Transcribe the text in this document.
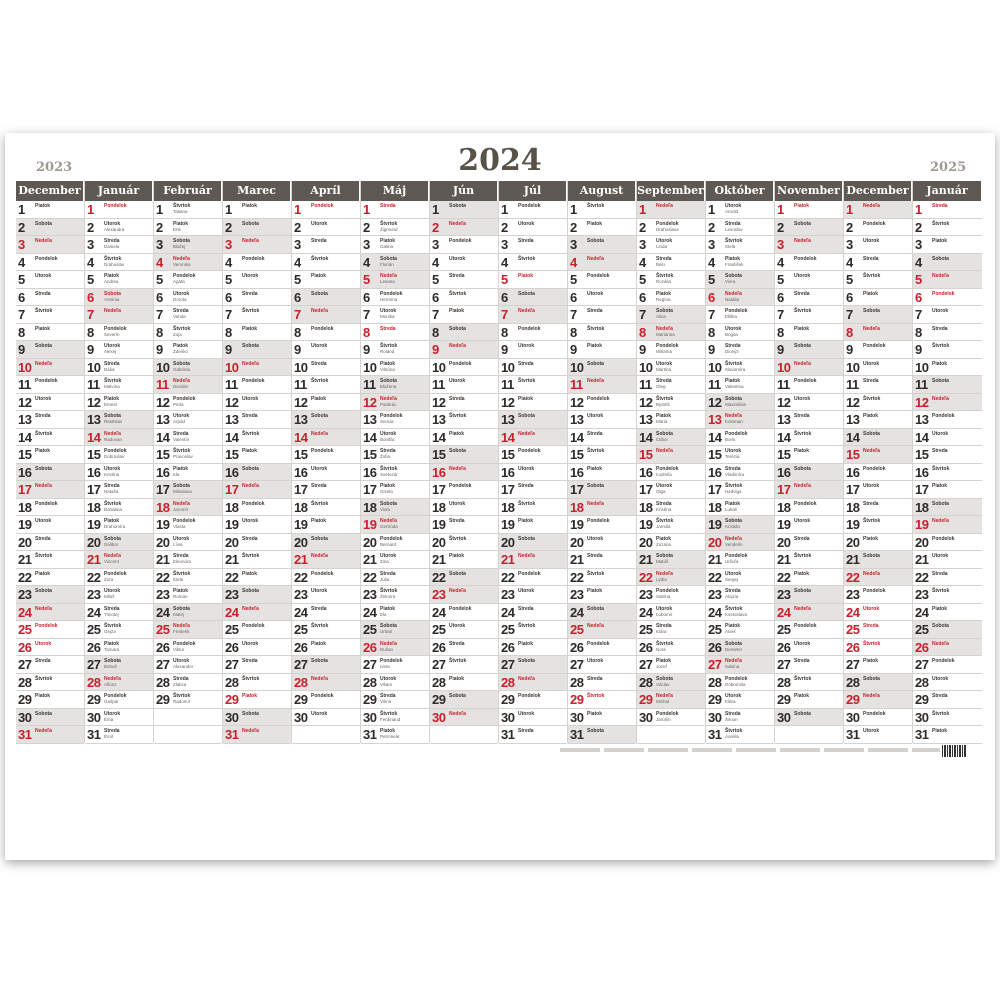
2024
2023	2025
December
1 Piatok
2 Sobota
3 Nedeľa
4 Pondelok
5 Utorok
6 Streda
7 Štvrtok
8 Piatok
9 Sobota
10 Nedeľa
11 Pondelok
12 Utorok
13 Streda
14 Štvrtok
15 Piatok
16 Sobota
17 Nedeľa
18 Pondelok
19 Utorok
20 Streda
21 Štvrtok
22 Piatok
23 Sobota
24 Nedeľa
25 Pondelok
26 Utorok
27 Streda
28 Štvrtok
29 Piatok
30 Sobota
31 Nedeľa
Január
1 Pondelok
2 Utorok
Alexandra
3 Streda
Daniela
4 Štvrtok
Drahoslav
5 Piatok
Andrea
6 Sobota
Antónia
7 Nedeľa
8 Pondelok
Severín
9 Utorok
Alexej
10 Streda
Dáša
11 Štvrtok
Malvína
12 Piatok
Ernest
13 Sobota
Rastislav
14 Nedeľa
Radovan
15 Pondelok
Dobroslav
16 Utorok
Kristína
17 Streda
Nataša
18 Štvrtok
Bohdana
19 Piatok
Drahomíra
20 Sobota
Dalibor
21 Nedeľa
Vincent
22 Pondelok
Zora
23 Utorok
Miloš
24 Streda
Timotej
25 Štvrtok
Gejza
26 Piatok
Tamara
27 Sobota
Bohuš
28 Nedeľa
Alfonz
29 Pondelok
Gašpar
30 Utorok
Ema
31 Streda
Emil
Február
1 Štvrtok
Tatiana
2 Piatok
Erik
3 Sobota
Blažej
4 Nedeľa
Veronika
5 Pondelok
Agáta
6 Utorok
Dorota
7 Streda
Vanda
8 Štvrtok
Zoja
9 Piatok
Zdenko
10 Sobota
Gabriela
11 Nedeľa
Dezider
12 Pondelok
Perla
13 Utorok
Arpád
14 Streda
Valentín
15 Štvrtok
Pravoslav
16 Piatok
Ida
17 Sobota
Miloslava
18 Nedeľa
Jaromír
19 Pondelok
Vlasta
20 Utorok
Lívia
21 Streda
Eleonóra
22 Štvrtok
Etela
23 Piatok
Roman
24 Sobota
Matej
25 Nedeľa
Frederik
26 Pondelok
Viktor
27 Utorok
Alexander
28 Streda
Zlatica
29 Štvrtok
Radomír
Marec
1 Piatok
2 Sobota
3 Nedeľa
4 Pondelok
5 Utorok
6 Streda
7 Štvrtok
8 Piatok
9 Sobota
10 Nedeľa
11 Pondelok
12 Utorok
13 Streda
14 Štvrtok
15 Piatok
16 Sobota
17 Nedeľa
18 Pondelok
19 Utorok
20 Streda
21 Štvrtok
22 Piatok
23 Sobota
24 Nedeľa
25 Pondelok
26 Utorok
27 Streda
28 Štvrtok
29 Piatok
30 Sobota
31 Nedeľa
Apríl
1 Pondelok
2 Utorok
3 Streda
4 Štvrtok
5 Piatok
6 Sobota
7 Nedeľa
8 Pondelok
9 Utorok
10 Streda
11 Štvrtok
12 Piatok
13 Sobota
14 Nedeľa
15 Pondelok
16 Utorok
17 Streda
18 Štvrtok
19 Piatok
20 Sobota
21 Nedeľa
22 Pondelok
23 Utorok
24 Streda
25 Štvrtok
26 Piatok
27 Sobota
28 Nedeľa
29 Pondelok
30 Utorok
Máj
1 Streda
2 Štvrtok
Žigmund
3 Piatok
Galina
4 Sobota
Florián
5 Nedeľa
Lesana
6 Pondelok
Hermína
7 Utorok
Monika
8 Streda
9 Štvrtok
Roland
10 Piatok
Viktória
11 Sobota
Blažena
12 Nedeľa
Pankrác
13 Pondelok
Servác
14 Utorok
Bonifác
15 Streda
Žofia
16 Štvrtok
Svetozár
17 Piatok
Gizela
18 Sobota
Viola
19 Nedeľa
Gertrúda
20 Pondelok
Bernard
21 Utorok
Zina
22 Streda
Júlia
23 Štvrtok
Želmíra
24 Piatok
Ela
25 Sobota
Urban
26 Nedeľa
Dušan
27 Pondelok
Iveta
28 Utorok
Viliam
29 Streda
Vilma
30 Štvrtok
Ferdinand
31 Piatok
Petronela
Jún
1 Sobota
2 Nedeľa
3 Pondelok
4 Utorok
5 Streda
6 Štvrtok
7 Piatok
8 Sobota
9 Nedeľa
10 Pondelok
11 Utorok
12 Streda
13 Štvrtok
14 Piatok
15 Sobota
16 Nedeľa
17 Pondelok
18 Utorok
19 Streda
20 Štvrtok
21 Piatok
22 Sobota
23 Nedeľa
24 Pondelok
25 Utorok
26 Streda
27 Štvrtok
28 Piatok
29 Sobota
30 Nedeľa
Júl
1 Pondelok
2 Utorok
3 Streda
4 Štvrtok
5 Piatok
6 Sobota
7 Nedeľa
8 Pondelok
9 Utorok
10 Streda
11 Štvrtok
12 Piatok
13 Sobota
14 Nedeľa
15 Pondelok
16 Utorok
17 Streda
18 Štvrtok
19 Piatok
20 Sobota
21 Nedeľa
22 Pondelok
23 Utorok
24 Streda
25 Štvrtok
26 Piatok
27 Sobota
28 Nedeľa
29 Pondelok
30 Utorok
31 Streda
August
1 Štvrtok
2 Piatok
3 Sobota
4 Nedeľa
5 Pondelok
6 Utorok
7 Streda
8 Štvrtok
9 Piatok
10 Sobota
11 Nedeľa
12 Pondelok
13 Utorok
14 Streda
15 Štvrtok
16 Piatok
17 Sobota
18 Nedeľa
19 Pondelok
20 Utorok
21 Streda
22 Štvrtok
23 Piatok
24 Sobota
25 Nedeľa
26 Pondelok
27 Utorok
28 Streda
29 Štvrtok
30 Piatok
31 Sobota
September
1 Nedeľa
2 Pondelok
Drahoslava
3 Utorok
Linda
4 Streda
Belo
5 Štvrtok
Rozália
6 Piatok
Regína
7 Sobota
Alica
8 Nedeľa
Marianna
9 Pondelok
Miriama
10 Utorok
Martina
11 Streda
Oleg
12 Štvrtok
Bystrík
13 Piatok
Mária
14 Sobota
Ctibor
15 Nedeľa
16 Pondelok
Ľudmila
17 Utorok
Olga
18 Streda
Kristína
19 Štvrtok
Jarmila
20 Piatok
Zuzana
21 Sobota
Matúš
22 Nedeľa
Lýdia
23 Pondelok
Sabína
24 Utorok
Ľubomír
25 Streda
Klára
26 Štvrtok
Nora
27 Piatok
Jozef
28 Sobota
Václav
29 Nedeľa
Michal
30 Pondelok
Jarolím
Október
1 Utorok
Arnold
2 Streda
Levoslav
3 Štvrtok
Stela
4 Piatok
František
5 Sobota
Viera
6 Nedeľa
Natália
7 Pondelok
Eliška
8 Utorok
Brigita
9 Streda
Dionýz
10 Štvrtok
Slavomíra
11 Piatok
Valentína
12 Sobota
Maximilián
13 Nedeľa
Koloman
14 Pondelok
Boris
15 Utorok
Terézia
16 Streda
Vladimíra
17 Štvrtok
Hedviga
18 Piatok
Lukáš
19 Sobota
Kristián
20 Nedeľa
Vendelín
21 Pondelok
Uršuľa
22 Utorok
Sergej
23 Streda
Alojzia
24 Štvrtok
Kvetoslava
25 Piatok
Aurel
26 Sobota
Demeter
27 Nedeľa
Sabína
28 Pondelok
Dobromila
29 Utorok
Klára
30 Streda
Šimon
31 Štvrtok
Aurélia
November
1 Piatok
2 Sobota
3 Nedeľa
4 Pondelok
5 Utorok
6 Streda
7 Štvrtok
8 Piatok
9 Sobota
10 Nedeľa
11 Pondelok
12 Utorok
13 Streda
14 Štvrtok
15 Piatok
16 Sobota
17 Nedeľa
18 Pondelok
19 Utorok
20 Streda
21 Štvrtok
22 Piatok
23 Sobota
24 Nedeľa
25 Pondelok
26 Utorok
27 Streda
28 Štvrtok
29 Piatok
30 Sobota
December
1 Nedeľa
2 Pondelok
3 Utorok
4 Streda
5 Štvrtok
6 Piatok
7 Sobota
8 Nedeľa
9 Pondelok
10 Utorok
11 Streda
12 Štvrtok
13 Piatok
14 Sobota
15 Nedeľa
16 Pondelok
17 Utorok
18 Streda
19 Štvrtok
20 Piatok
21 Sobota
22 Nedeľa
23 Pondelok
24 Utorok
25 Streda
26 Štvrtok
27 Piatok
28 Sobota
29 Nedeľa
30 Pondelok
31 Utorok
Január
1 Streda
2 Štvrtok
3 Piatok
4 Sobota
5 Nedeľa
6 Pondelok
7 Utorok
8 Streda
9 Štvrtok
10 Piatok
11 Sobota
12 Nedeľa
13 Pondelok
14 Utorok
15 Streda
16 Štvrtok
17 Piatok
18 Sobota
19 Nedeľa
20 Pondelok
21 Utorok
22 Streda
23 Štvrtok
24 Piatok
25 Sobota
26 Nedeľa
27 Pondelok
28 Utorok
29 Streda
30 Štvrtok
31 Piatok
